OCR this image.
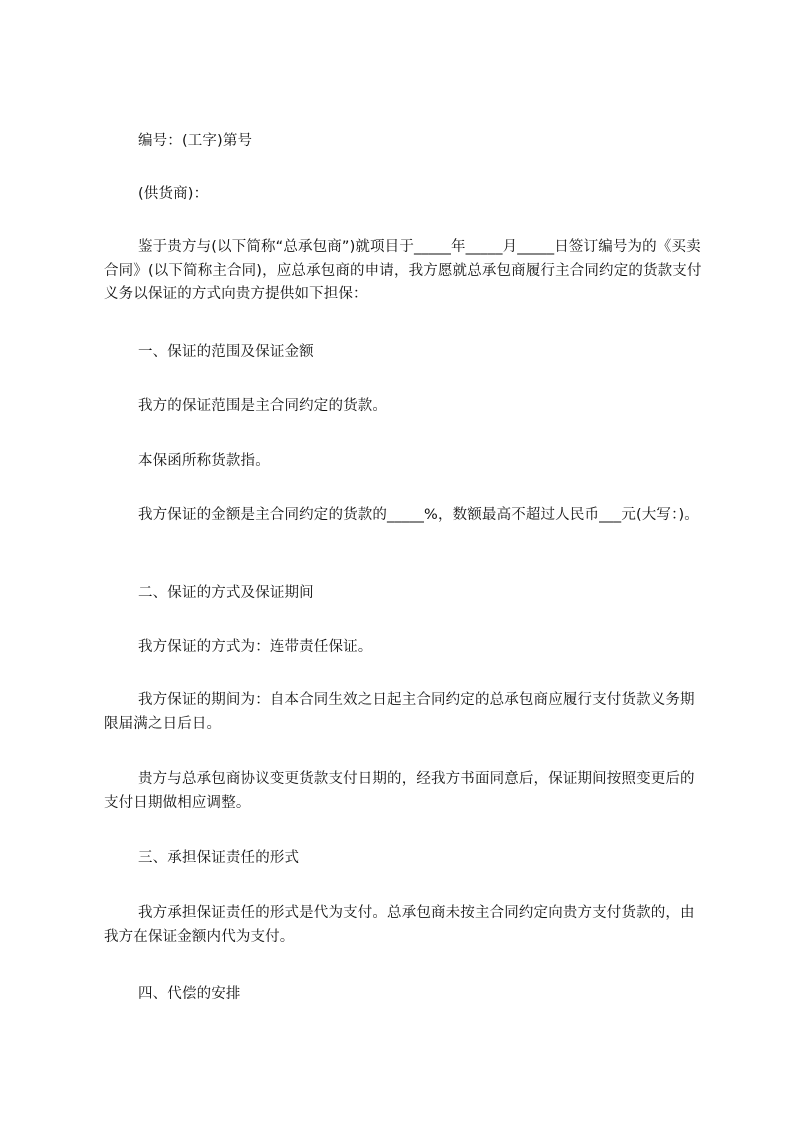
编号：(工字)第号

(供货商)：

鉴于贵方与(以下简称“总承包商”)就项目于_____年_____月_____日签订编号为的《买卖合同》(以下简称主合同)，应总承包商的申请，我方愿就总承包商履行主合同约定的货款支付义务以保证的方式向贵方提供如下担保：

一、保证的范围及保证金额

我方的保证范围是主合同约定的货款。

本保函所称货款指。

我方保证的金额是主合同约定的货款的_____%，数额最高不超过人民币___元(大写：)。

二、保证的方式及保证期间

我方保证的方式为：连带责任保证。

我方保证的期间为：自本合同生效之日起主合同约定的总承包商应履行支付货款义务期限届满之日后日。

贵方与总承包商协议变更货款支付日期的，经我方书面同意后，保证期间按照变更后的支付日期做相应调整。

三、承担保证责任的形式

我方承担保证责任的形式是代为支付。总承包商未按主合同约定向贵方支付货款的，由我方在保证金额内代为支付。

四、代偿的安排
